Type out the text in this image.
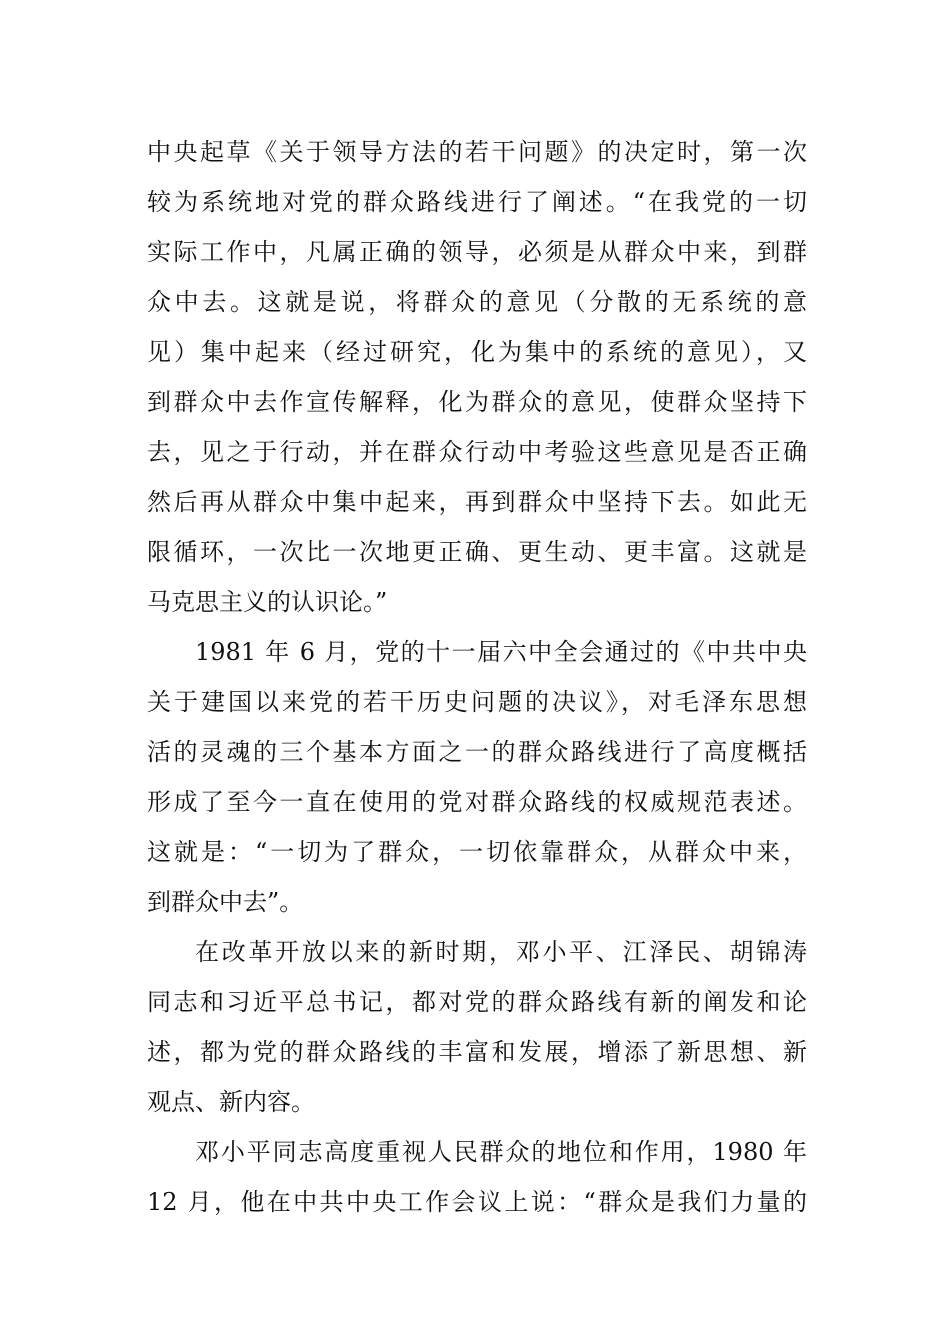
中央起草《关于领导方法的若干问题》的决定时，第一次
较为系统地对党的群众路线进行了阐述。“在我党的一切
实际工作中，凡属正确的领导，必须是从群众中来，到群
众中去。这就是说，将群众的意见（分散的无系统的意
见）集中起来（经过研究，化为集中的系统的意见），又
到群众中去作宣传解释，化为群众的意见，使群众坚持下
去，见之于行动，并在群众行动中考验这些意见是否正确
然后再从群众中集中起来，再到群众中坚持下去。如此无
限循环，一次比一次地更正确、更生动、更丰富。这就是
马克思主义的认识论。”
1981 年 6 月，党的十一届六中全会通过的《中共中央
关于建国以来党的若干历史问题的决议》，对毛泽东思想
活的灵魂的三个基本方面之一的群众路线进行了高度概括
形成了至今一直在使用的党对群众路线的权威规范表述。
这就是：“一切为了群众，一切依靠群众，从群众中来，
到群众中去”。
在改革开放以来的新时期，邓小平、江泽民、胡锦涛
同志和习近平总书记，都对党的群众路线有新的阐发和论
述，都为党的群众路线的丰富和发展，增添了新思想、新
观点、新内容。
邓小平同志高度重视人民群众的地位和作用，1980 年
12 月，他在中共中央工作会议上说：“群众是我们力量的
